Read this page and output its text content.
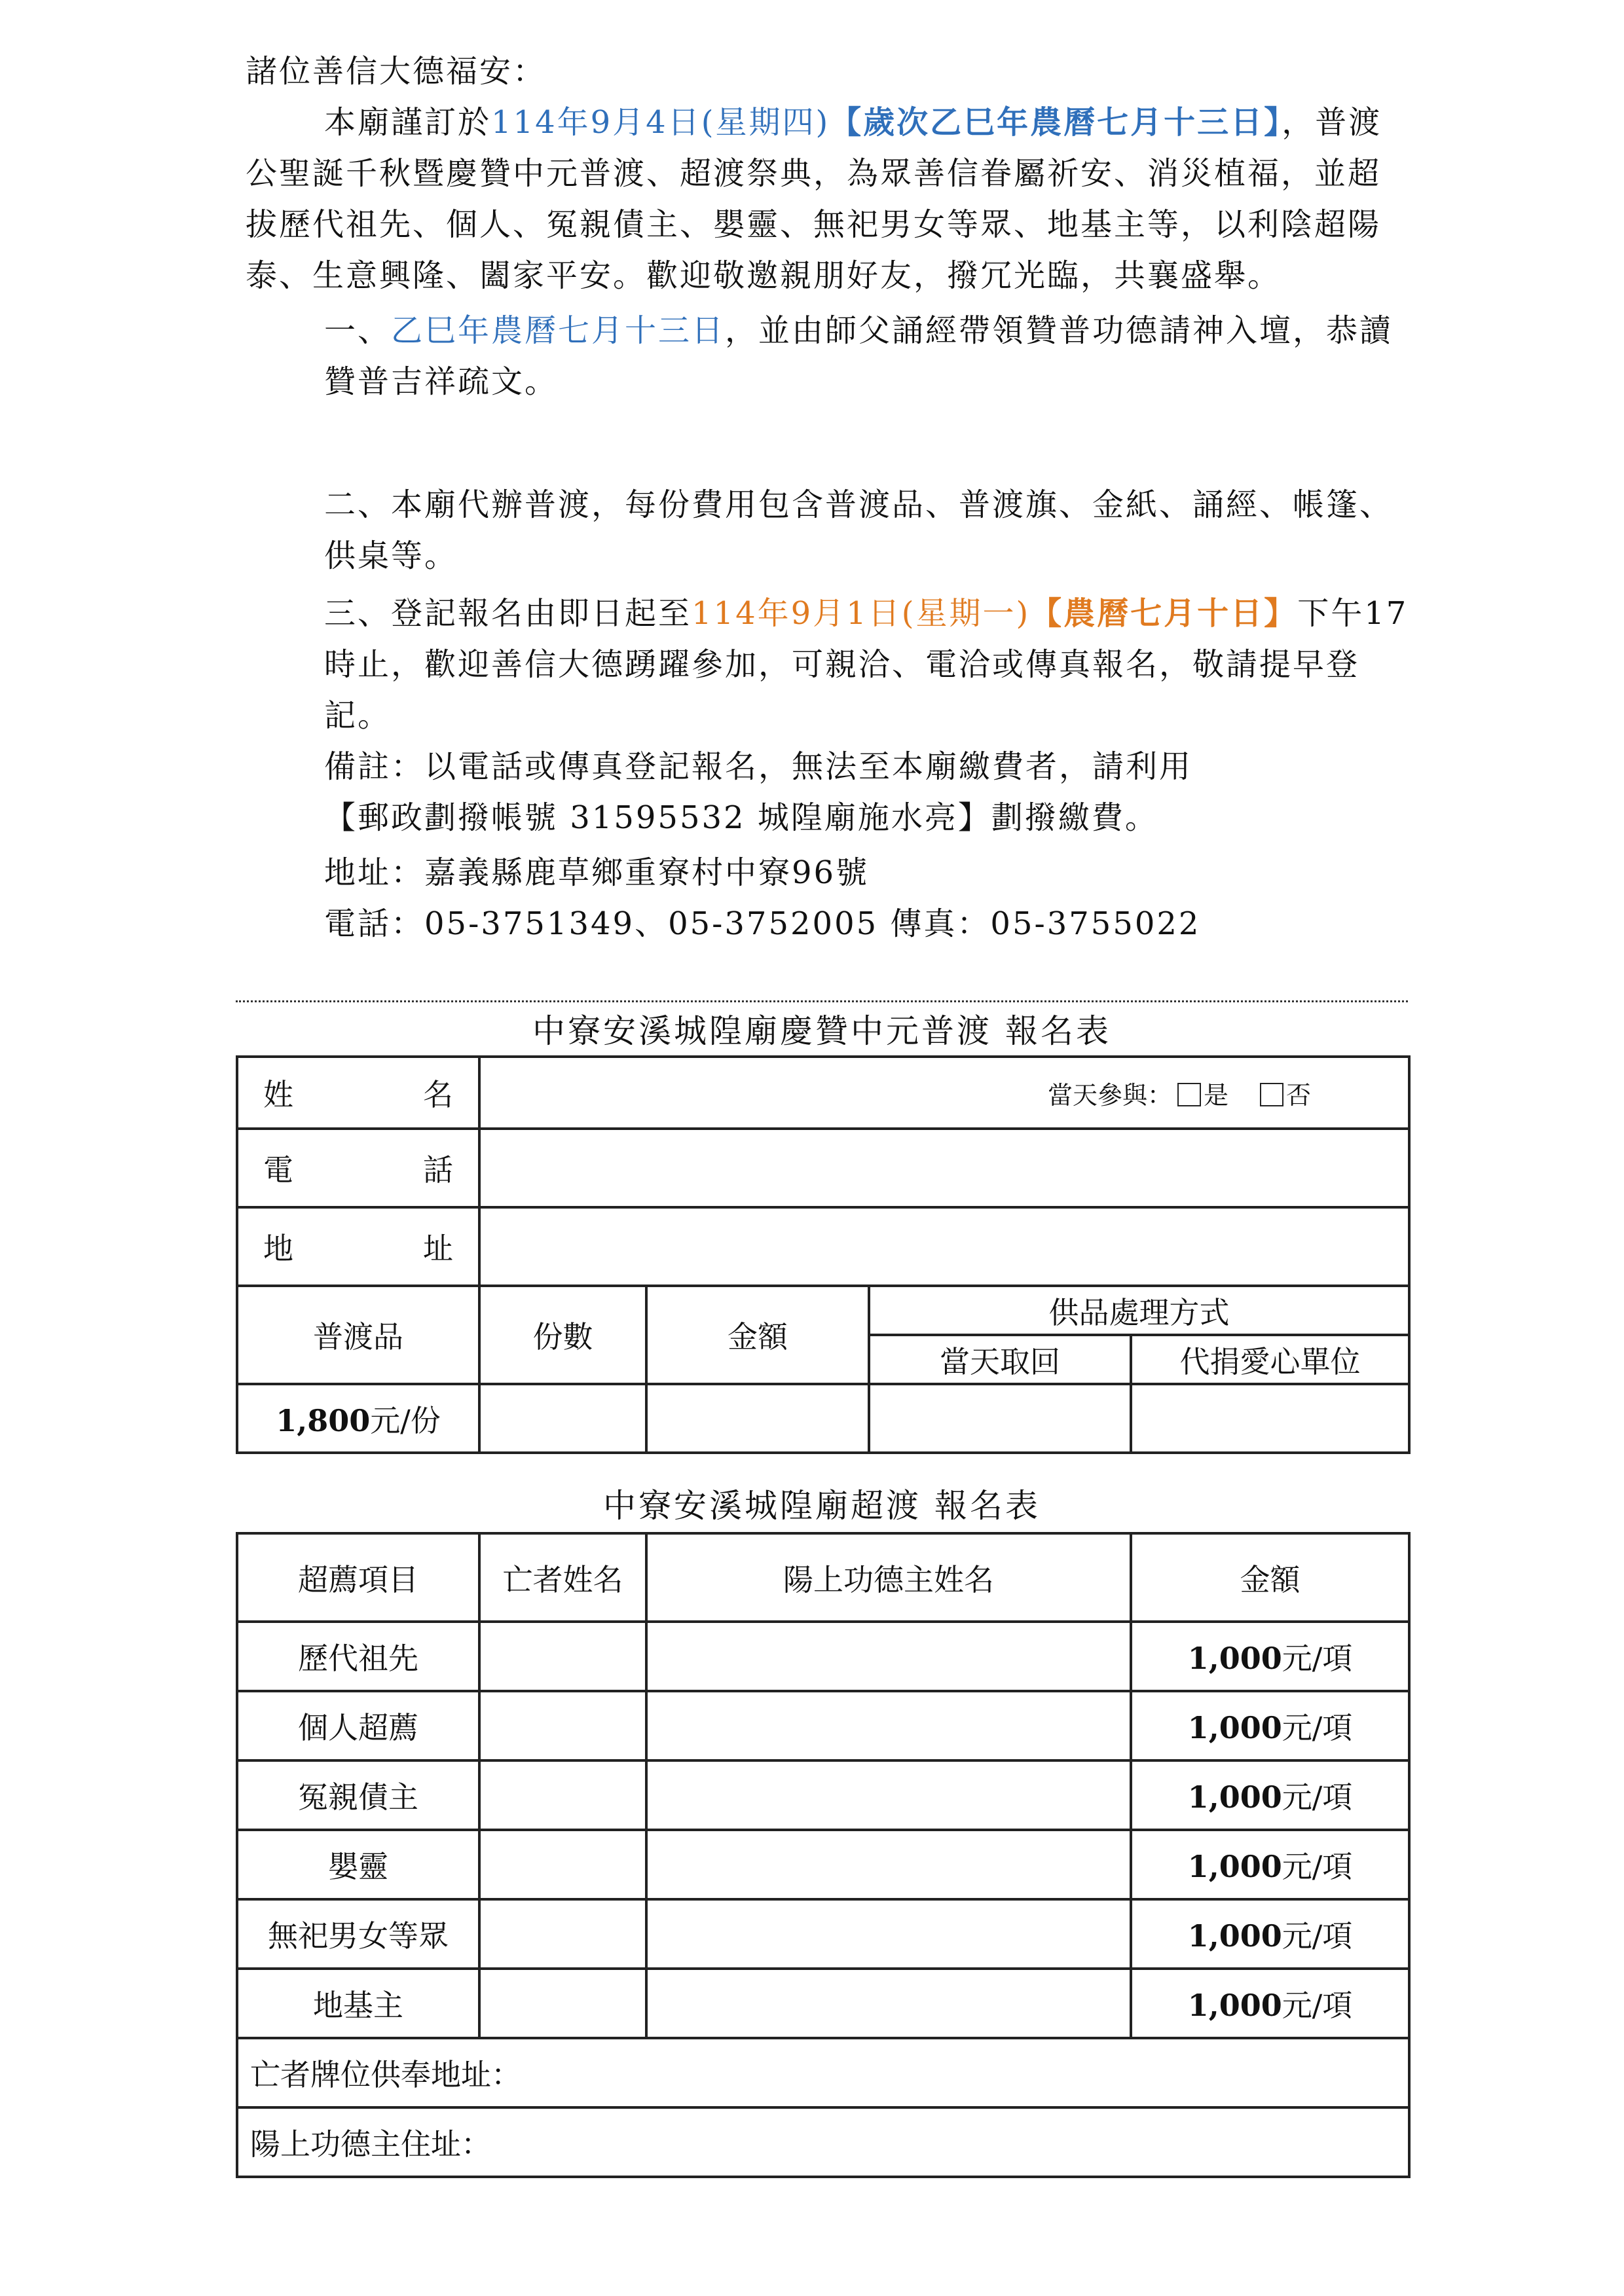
諸位善信大德福安：

本廟謹訂於114年9月4日(星期四)【歲次乙巳年農曆七月十三日】，普渡公聖誕千秋暨慶贊中元普渡、超渡祭典，為眾善信眷屬祈安、消災植福，並超拔歷代祖先、個人、冤親債主、嬰靈、無祀男女等眾、地基主等，以利陰超陽泰、生意興隆、闔家平安。歡迎敬邀親朋好友，撥冗光臨，共襄盛舉。

一、乙巳年農曆七月十三日，並由師父誦經帶領贊普功德請神入壇，恭讀贊普吉祥疏文。

二、本廟代辦普渡，每份費用包含普渡品、普渡旗、金紙、誦經、帳篷、供桌等。

三、登記報名由即日起至114年9月1日(星期一)【農曆七月十日】下午17時止，歡迎善信大德踴躍參加，可親洽、電洽或傳真報名，敬請提早登記。

備註：以電話或傳真登記報名，無法至本廟繳費者，請利用

【郵政劃撥帳號 31595532 城隍廟施水亮】劃撥繳費。

地址：嘉義縣鹿草鄉重寮村中寮96號

電話：05-3751349、05-3752005 傳真：05-3755022

中寮安溪城隍廟慶贊中元普渡 報名表
姓 名	當天參與： 是 否			

電 話				

地 址				

普渡品	份數	金額	供品處理方式	
			當天取回	代捐愛心單位
1,800元/份				
中寮安溪城隍廟超渡 報名表
超薦項目	亡者姓名	陽上功德主姓名	金額
歷代祖先			1,000元/項
個人超薦			1,000元/項
冤親債主			1,000元/項
嬰靈			1,000元/項
無祀男女等眾			1,000元/項
地基主			1,000元/項
亡者牌位供奉地址：			
陽上功德主住址：			
